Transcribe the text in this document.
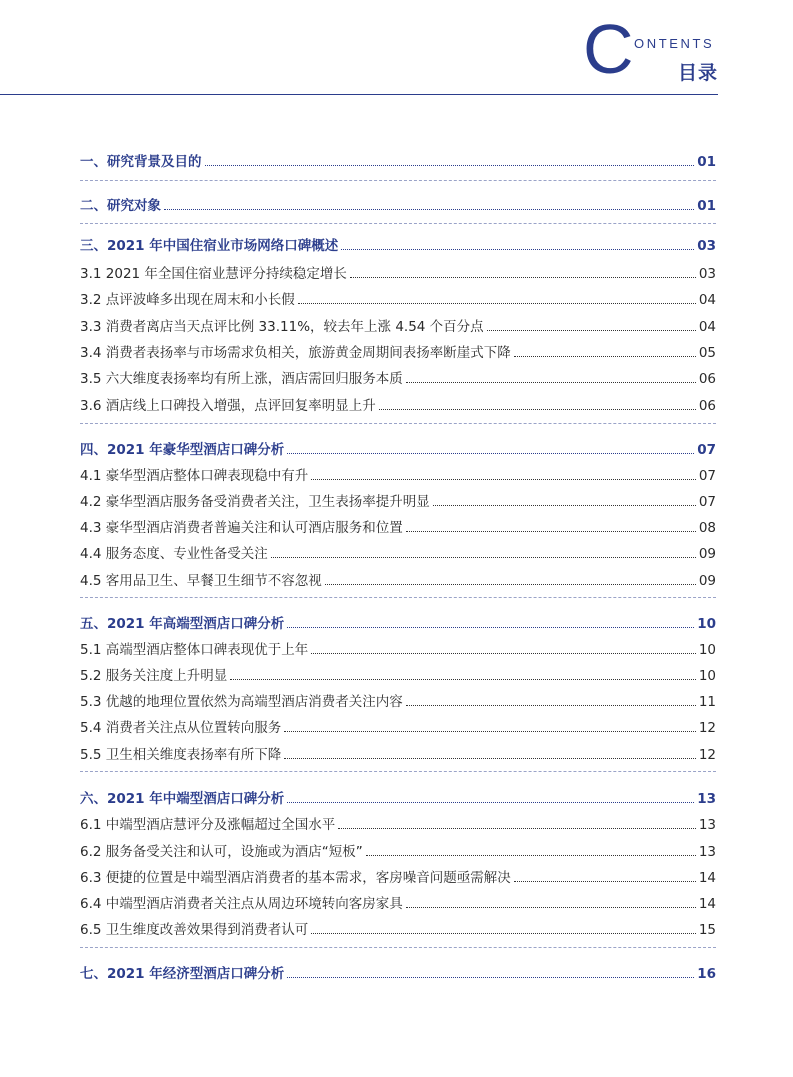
C ONTENTS
目录
一、研究背景及目的	01
二、研究对象	01
三、2021 年中国住宿业市场网络口碑概述	03
3.1 2021 年全国住宿业慧评分持续稳定增长	03
3.2 点评波峰多出现在周末和小长假	04
3.3 消费者离店当天点评比例 33.11%，较去年上涨 4.54 个百分点	04
3.4 消费者表扬率与市场需求负相关，旅游黄金周期间表扬率断崖式下降	05
3.5 六大维度表扬率均有所上涨，酒店需回归服务本质	06
3.6 酒店线上口碑投入增强，点评回复率明显上升	06
四、2021 年豪华型酒店口碑分析	07
4.1 豪华型酒店整体口碑表现稳中有升	07
4.2 豪华型酒店服务备受消费者关注，卫生表扬率提升明显	07
4.3 豪华型酒店消费者普遍关注和认可酒店服务和位置	08
4.4 服务态度、专业性备受关注	09
4.5 客用品卫生、早餐卫生细节不容忽视	09
五、2021 年高端型酒店口碑分析	10
5.1 高端型酒店整体口碑表现优于上年	10
5.2 服务关注度上升明显	10
5.3 优越的地理位置依然为高端型酒店消费者关注内容	11
5.4 消费者关注点从位置转向服务	12
5.5 卫生相关维度表扬率有所下降	12
六、2021 年中端型酒店口碑分析	13
6.1 中端型酒店慧评分及涨幅超过全国水平	13
6.2 服务备受关注和认可，设施或为酒店“短板”	13
6.3 便捷的位置是中端型酒店消费者的基本需求，客房噪音问题亟需解决	14
6.4 中端型酒店消费者关注点从周边环境转向客房家具	14
6.5 卫生维度改善效果得到消费者认可	15
七、2021 年经济型酒店口碑分析	16
